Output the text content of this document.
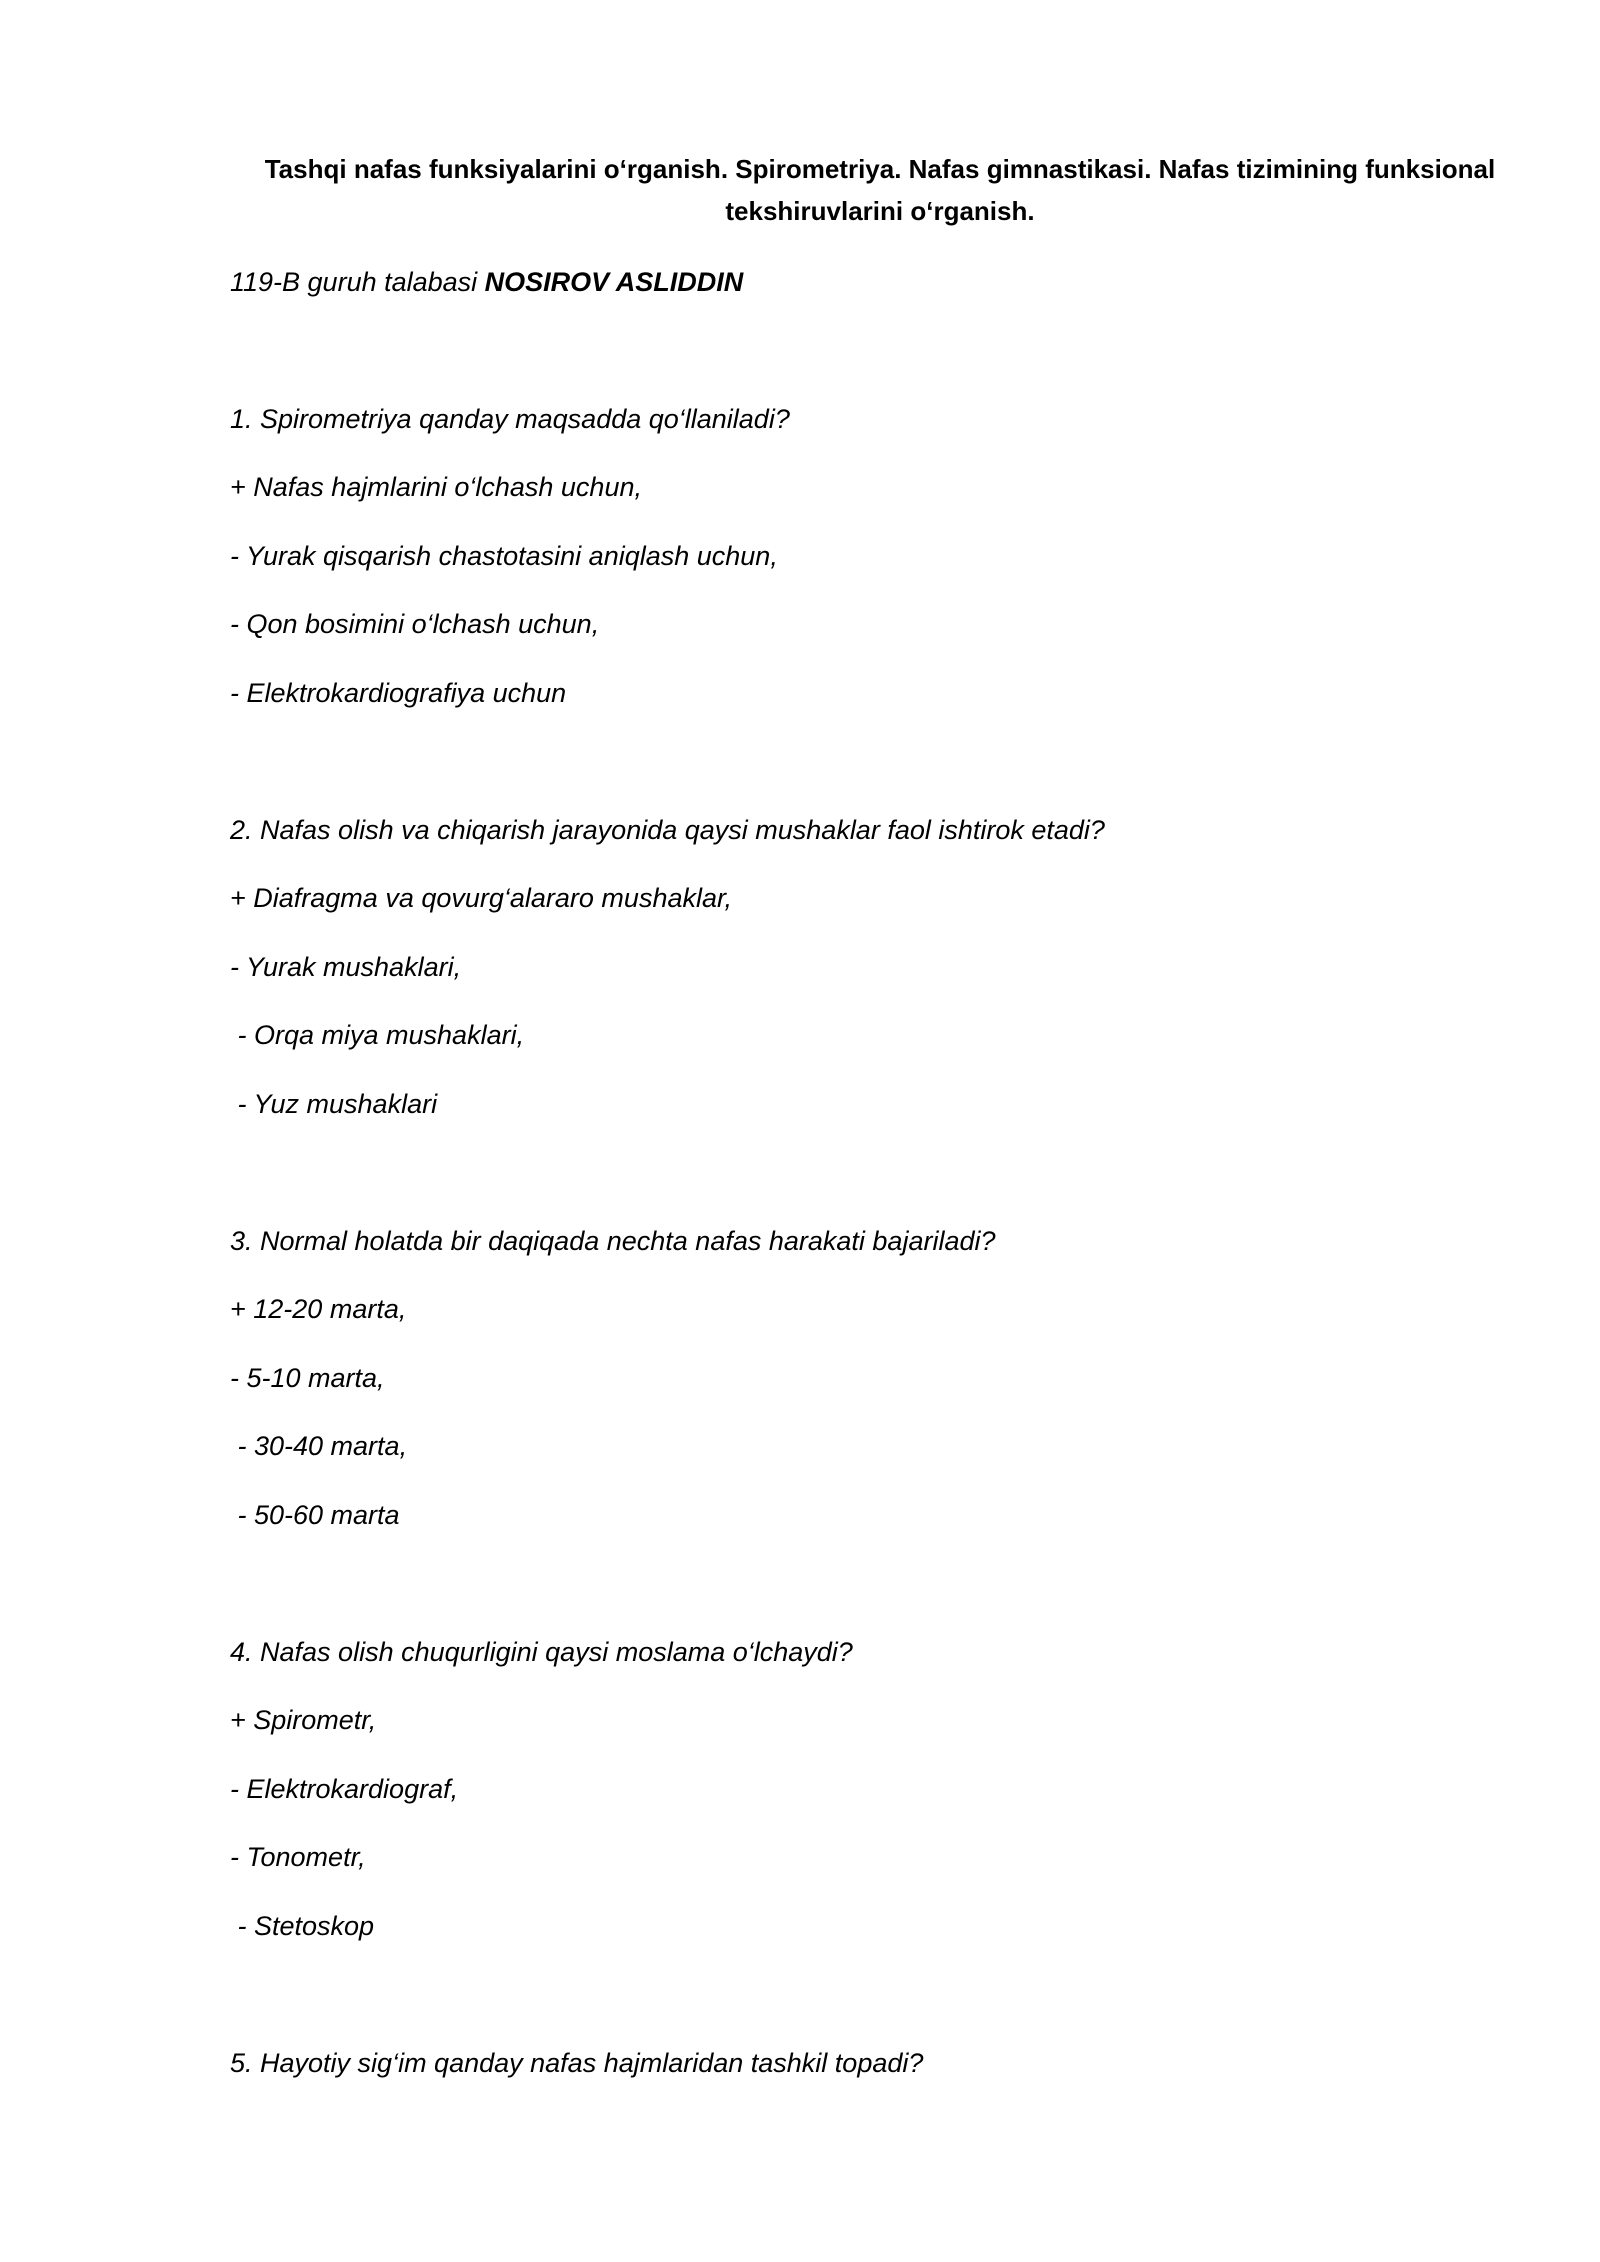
Tashqi nafas funksiyalarini o‘rganish. Spirometriya. Nafas gimnastikasi. Nafas tizimining funksional
tekshiruvlarini o‘rganish.

119-B guruh talabasi NOSIROV ASLIDDIN

1. Spirometriya qanday maqsadda qo‘llaniladi?

+ Nafas hajmlarini o‘lchash uchun,

- Yurak qisqarish chastotasini aniqlash uchun,

- Qon bosimini o‘lchash uchun,

- Elektrokardiografiya uchun

2. Nafas olish va chiqarish jarayonida qaysi mushaklar faol ishtirok etadi?

+ Diafragma va qovurg‘alararo mushaklar,

- Yurak mushaklari,

- Orqa miya mushaklari,

- Yuz mushaklari

3. Normal holatda bir daqiqada nechta nafas harakati bajariladi?

+ 12-20 marta,

- 5-10 marta,

- 30-40 marta,

- 50-60 marta

4. Nafas olish chuqurligini qaysi moslama o‘lchaydi?

+ Spirometr,

- Elektrokardiograf,

- Tonometr,

- Stetoskop

5. Hayotiy sig‘im qanday nafas hajmlaridan tashkil topadi?
